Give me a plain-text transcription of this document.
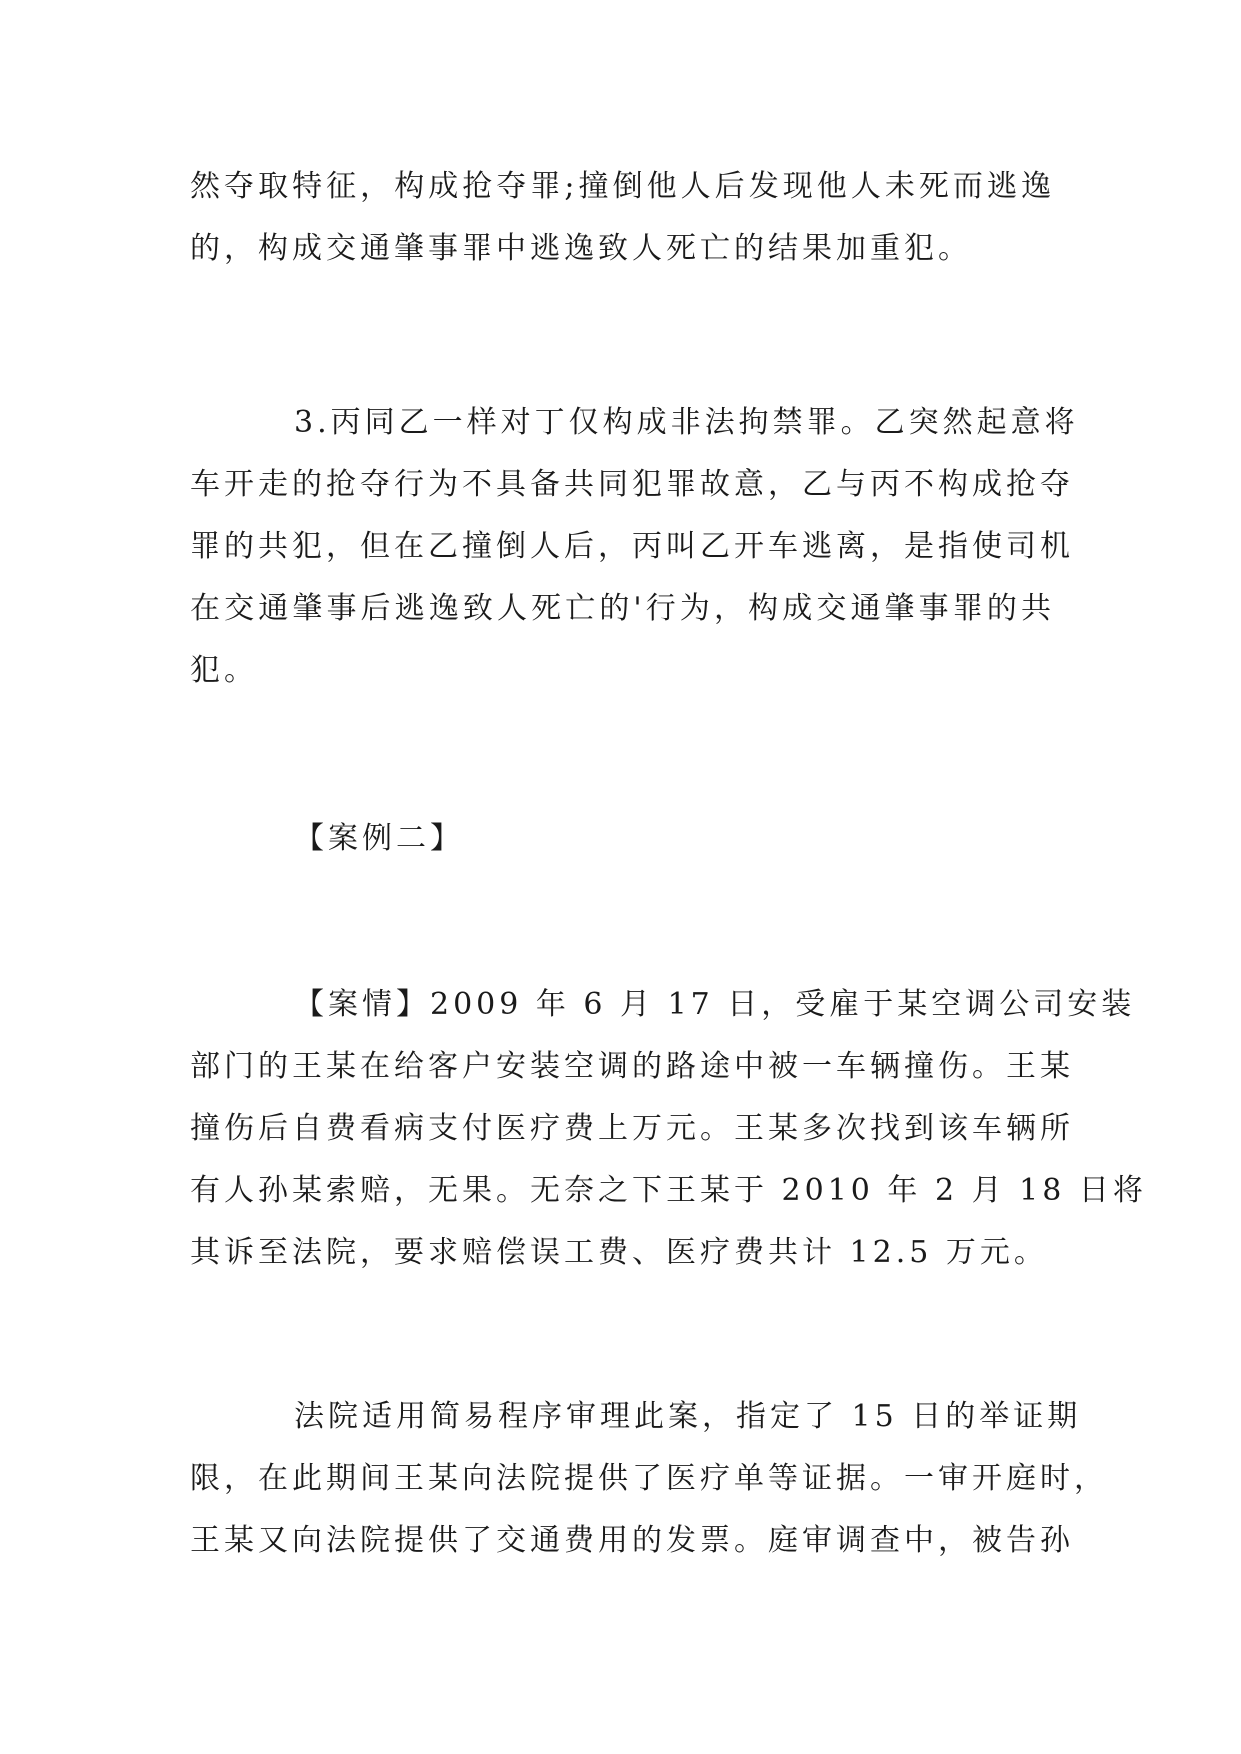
然夺取特征，构成抢夺罪;撞倒他人后发现他人未死而逃逸
的，构成交通肇事罪中逃逸致人死亡的结果加重犯。
3.丙同乙一样对丁仅构成非法拘禁罪。乙突然起意将
车开走的抢夺行为不具备共同犯罪故意，乙与丙不构成抢夺
罪的共犯，但在乙撞倒人后，丙叫乙开车逃离，是指使司机
在交通肇事后逃逸致人死亡的'行为，构成交通肇事罪的共
犯。
【案例二】
【案情】2009 年 6 月 17 日，受雇于某空调公司安装
部门的王某在给客户安装空调的路途中被一车辆撞伤。王某
撞伤后自费看病支付医疗费上万元。王某多次找到该车辆所
有人孙某索赔，无果。无奈之下王某于 2010 年 2 月 18 日将
其诉至法院，要求赔偿误工费、医疗费共计 12.5 万元。
法院适用简易程序审理此案，指定了 15 日的举证期
限，在此期间王某向法院提供了医疗单等证据。一审开庭时，
王某又向法院提供了交通费用的发票。庭审调查中，被告孙
